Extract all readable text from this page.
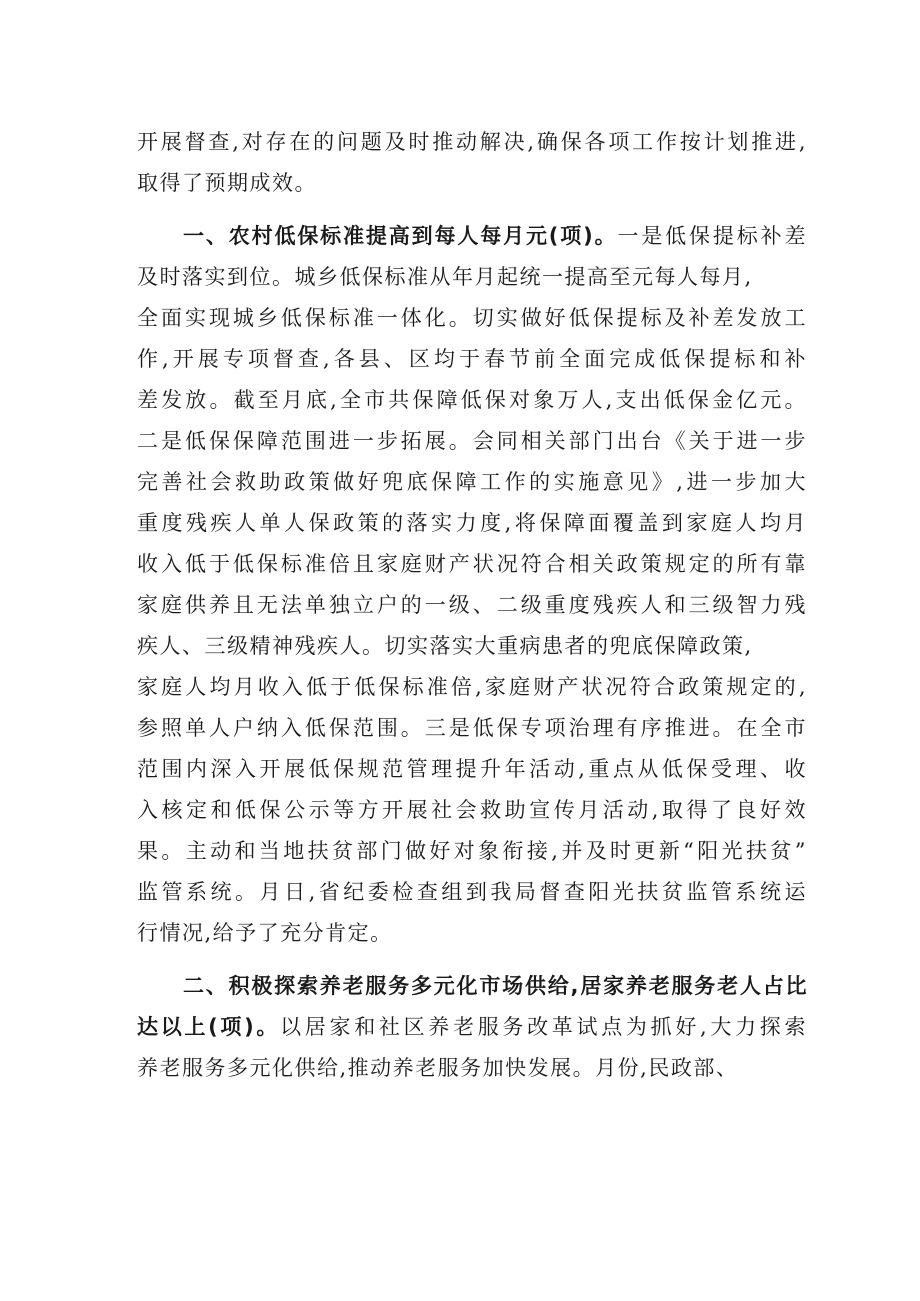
开展督查,对存在的问题及时推动解决,确保各项工作按计划推进,
取得了预期成效。
一、农村低保标准提高到每人每月元(项)。一是低保提标补差
及时落实到位。城乡低保标准从年月起统一提高至元每人每月,
全面实现城乡低保标准一体化。切实做好低保提标及补差发放工
作,开展专项督查,各县、区均于春节前全面完成低保提标和补
差发放。截至月底,全市共保障低保对象万人,支出低保金亿元。
二是低保保障范围进一步拓展。会同相关部门出台《关于进一步
完善社会救助政策做好兜底保障工作的实施意见》,进一步加大
重度残疾人单人保政策的落实力度,将保障面覆盖到家庭人均月
收入低于低保标准倍且家庭财产状况符合相关政策规定的所有靠
家庭供养且无法单独立户的一级、二级重度残疾人和三级智力残
疾人、三级精神残疾人。切实落实大重病患者的兜底保障政策,
家庭人均月收入低于低保标准倍,家庭财产状况符合政策规定的,
参照单人户纳入低保范围。三是低保专项治理有序推进。在全市
范围内深入开展低保规范管理提升年活动,重点从低保受理、收
入核定和低保公示等方开展社会救助宣传月活动,取得了良好效
果。主动和当地扶贫部门做好对象衔接,并及时更新“阳光扶贫”
监管系统。月日,省纪委检查组到我局督查阳光扶贫监管系统运
行情况,给予了充分肯定。
二、积极探索养老服务多元化市场供给,居家养老服务老人占比
达以上(项)。以居家和社区养老服务改革试点为抓好,大力探索
养老服务多元化供给,推动养老服务加快发展。月份,民政部、
